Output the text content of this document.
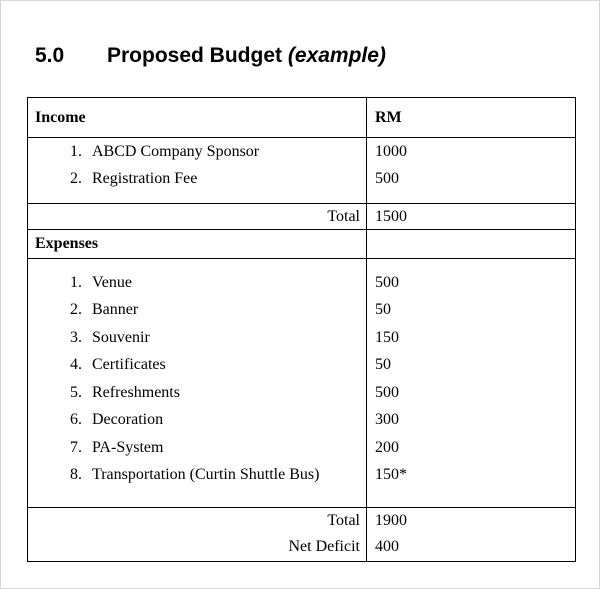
5.0 Proposed Budget (example)
Income	RM
1. ABCD Company Sponsor	1000
2. Registration Fee	500

Total	1500
Expenses	

1. Venue	500
2. Banner	50
3. Souvenir	150
4. Certificates	50
5. Refreshments	500
6. Decoration	300
7. PA-System	200
8. Transportation (Curtin Shuttle Bus)	150*

Total	1900
Net Deficit	400
